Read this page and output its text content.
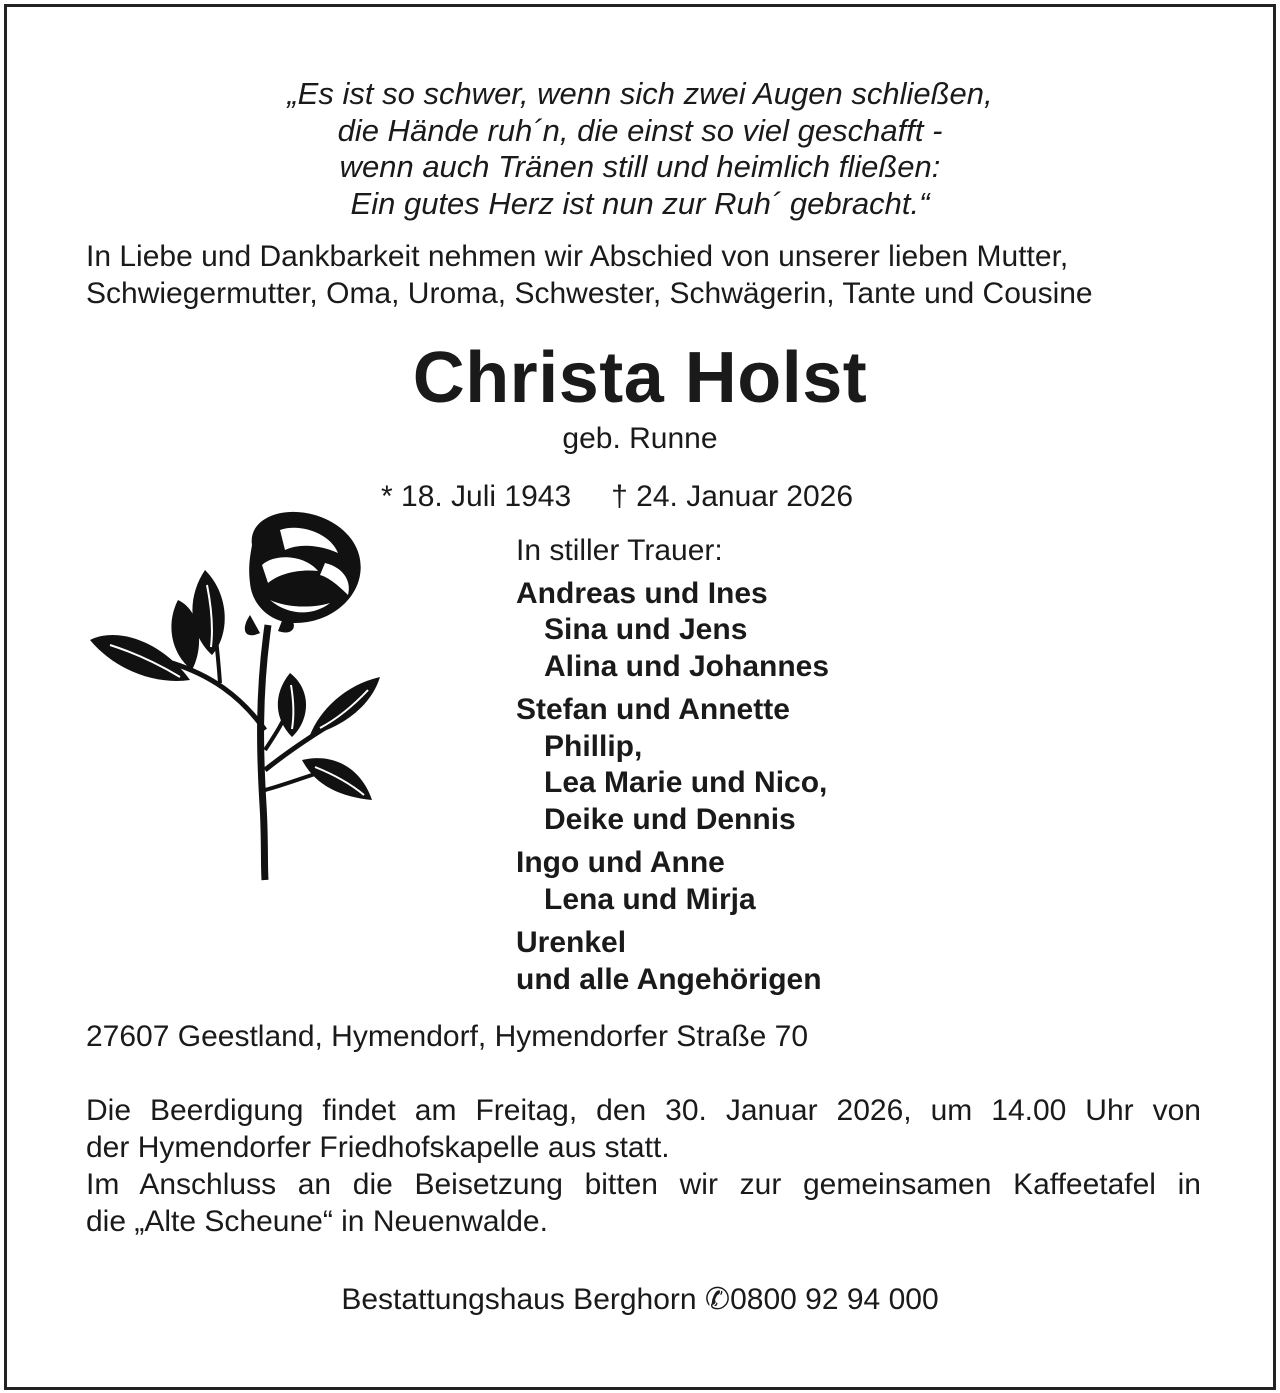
„Es ist so schwer, wenn sich zwei Augen schließen,
die Hände ruh´n, die einst so viel geschafft -
wenn auch Tränen still und heimlich fließen:
Ein gutes Herz ist nun zur Ruh´ gebracht.“
In Liebe und Dankbarkeit nehmen wir Abschied von unserer lieben Mutter,
Schwiegermutter, Oma, Uroma, Schwester, Schwägerin, Tante und Cousine
Christa Holst
geb. Runne
* 18. Juli 1943 † 24. Januar 2026
In stiller Trauer:
Andreas und Ines
Sina und Jens
Alina und Johannes
Stefan und Annette
Phillip,
Lea Marie und Nico,
Deike und Dennis
Ingo und Anne
Lena und Mirja
Urenkel
und alle Angehörigen
27607 Geestland, Hymendorf, Hymendorfer Straße 70
Die Beerdigung findet am Freitag, den 30. Januar 2026, um 14.00 Uhr von
der Hymendorfer Friedhofskapelle aus statt.
Im Anschluss an die Beisetzung bitten wir zur gemeinsamen Kaffeetafel in
die „Alte Scheune“ in Neuenwalde.
Bestattungshaus Berghorn ✆0800 92 94 000
